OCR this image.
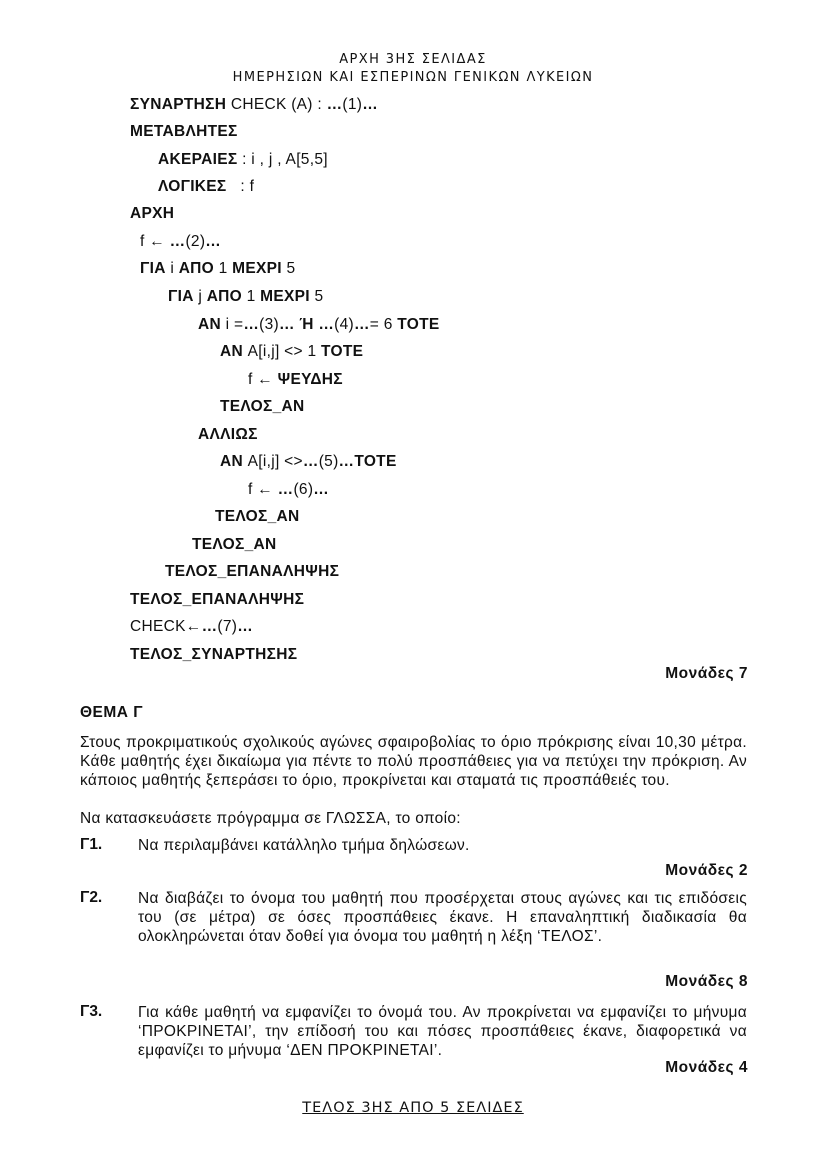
ΑΡΧΗ 3ΗΣ ΣΕΛΙΔΑΣ
ΗΜΕΡΗΣΙΩΝ ΚΑΙ ΕΣΠΕΡΙΝΩΝ ΓΕΝΙΚΩΝ ΛΥΚΕΙΩΝ
ΣΥΝΑΡΤΗΣΗ CHECK (A) : …(1)…
ΜΕΤΑΒΛΗΤΕΣ
ΑΚΕΡΑΙΕΣ : i , j , A[5,5]
ΛΟΓΙΚΕΣ   : f
ΑΡΧΗ
f ← …(2)…
ΓΙΑ i ΑΠΟ 1 ΜΕΧΡΙ 5
ΓΙΑ j ΑΠΟ 1 ΜΕΧΡΙ 5
ΑΝ i =…(3)… Ή …(4)…= 6 ΤΟΤΕ
ΑΝ A[i,j] <> 1 ΤΟΤΕ
f ← ΨΕΥΔΗΣ
ΤΕΛΟΣ_ΑΝ
ΑΛΛΙΩΣ
ΑΝ A[i,j] <>…(5)…ΤΟΤΕ
f ← …(6)…
ΤΕΛΟΣ_ΑΝ
ΤΕΛΟΣ_ΑΝ
ΤΕΛΟΣ_ΕΠΑΝΑΛΗΨΗΣ
ΤΕΛΟΣ_ΕΠΑΝΑΛΗΨΗΣ
CHECK←…(7)…
ΤΕΛΟΣ_ΣΥΝΑΡΤΗΣΗΣ
Μονάδες 7
ΘΕΜΑ Γ
Στους προκριματικούς σχολικούς αγώνες σφαιροβολίας το όριο πρόκρισης είναι 10,30 μέτρα. Κάθε μαθητής έχει δικαίωμα για πέντε το πολύ προσπάθειες για να πετύχει την πρόκριση. Αν κάποιος μαθητής ξεπεράσει το όριο, προκρίνεται και σταματά τις προσπάθειές του.
Να κατασκευάσετε πρόγραμμα σε ΓΛΩΣΣΑ, το οποίο:
Γ1. Να περιλαμβάνει κατάλληλο τμήμα δηλώσεων.
Μονάδες 2
Γ2. Να διαβάζει το όνομα του μαθητή που προσέρχεται στους αγώνες και τις επιδόσεις του (σε μέτρα) σε όσες προσπάθειες έκανε. Η επαναληπτική διαδικασία θα ολοκληρώνεται όταν δοθεί για όνομα του μαθητή η λέξη ‘ΤΕΛΟΣ’.
Μονάδες 8
Γ3. Για κάθε μαθητή να εμφανίζει το όνομά του. Αν προκρίνεται να εμφανίζει το μήνυμα ‘ΠΡΟΚΡΙΝΕΤΑΙ’, την επίδοσή του και πόσες προσπάθειες έκανε, διαφορετικά να εμφανίζει το μήνυμα ‘ΔΕΝ ΠΡΟΚΡΙΝΕΤΑΙ’.
Μονάδες 4
ΤΕΛΟΣ 3ΗΣ ΑΠΟ 5 ΣΕΛΙΔΕΣ
